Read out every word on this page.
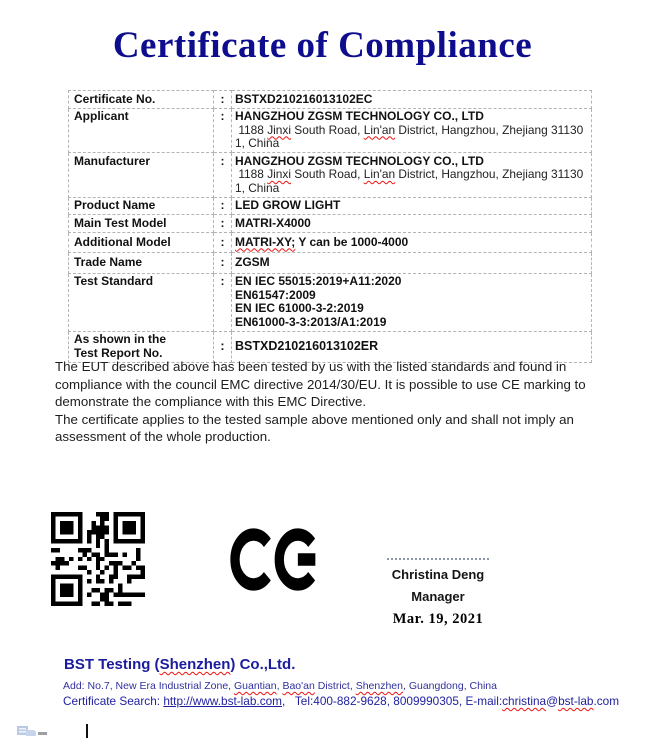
Certificate of Compliance
Certificate No.	:	BSTXD210216013102EC
Applicant	:	HANGZHOU ZGSM TECHNOLOGY CO., LTD
1188 Jinxi South Road, Lin'an District, Hangzhou, Zhejiang 311301, China

Manufacturer	:	HANGZHOU ZGSM TECHNOLOGY CO., LTD
1188 Jinxi South Road, Lin'an District, Hangzhou, Zhejiang 311301, China

Product Name	:	LED GROW LIGHT
Main Test Model	:	MATRI-X4000
Additional Model	:	MATRI-XY; Y can be 1000-4000
Trade Name	:	ZGSM
Test Standard	:	EN IEC 55015:2019+A11:2020
EN61547:2009
EN IEC 61000-3-2:2019
EN61000-3-3:2013/A1:2019

As shown in the
Test Report No.	:	BSTXD210216013102ER
The EUT described above has been tested by us with the listed standards and found in compliance with the council EMC directive 2014/30/EU. It is possible to use CE marking to demonstrate the compliance with this EMC Directive.
The certificate applies to the tested sample above mentioned only and shall not imply an assessment of the whole production.
Christina Deng
Manager
Mar. 19, 2021
BST Testing (Shenzhen) Co.,Ltd.
Add: No.7, New Era Industrial Zone, Guantian, Bao'an District, Shenzhen, Guangdong, China
Certificate Search: http://www.bst-lab.com,   Tel:400-882-9628, 8009990305, E-mail:christina@bst-lab.com
